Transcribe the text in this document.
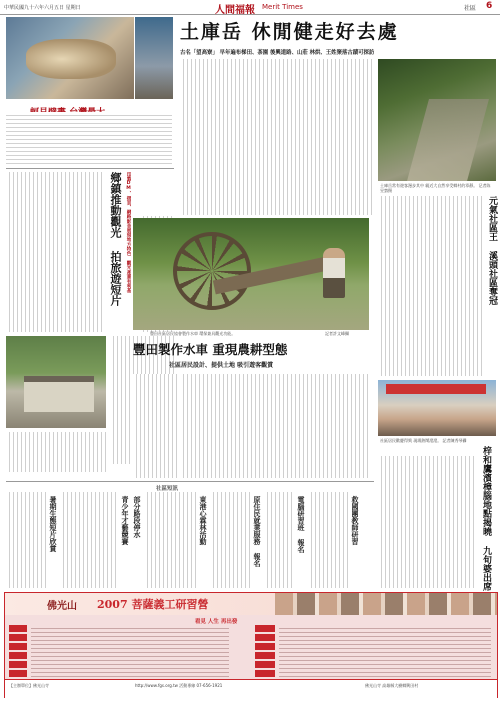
中華民國九十六年六月五日 星期日	人間福報 Merit Times	社區 6
土庫岳 休閒健走好去處
古名「望高寮」 早年遍布梯田、茶園 後興道路、山莊 林烘、王姓聚落古蹟可探訪
土庫岳常有遊客漫步其中 親近大自然享受鄉村的寧靜。 记者陈昱寰摄
鄉鎮推動觀光 拍旅遊短片 印製DM、摺頁、網路影音展現地方特色 觀光產業有利基
豐田社區居民協會製作水車 環保兼具觀光功能。	記者許文峰攝
豐田製作水車 重現農耕型態
社區居民設計、提供土地 吸引遊客觀賞
元氣社區王 溪頭社區奪冠
社區居民歡慶得獎 現場熱鬧滾滾。 記者陳秀琴攝
梓和鷹濱樟腦地點揭曉 九旬婆出席
社區短訊
暑期生態短片欣賞	青少年才藝競賽 部分路段停水	東港心霖林活動	原住民就業服務 報名	電腦研習班 報名	救國團教師研習
佛光山 2007 菩薩義工研習營
看見 人生 再出發
【主辦單位】佛光山寺	http://www.fgs.org.tw 活動專線 07-656-1921	佛光山寺 高雄縣大樹鄉興田村
